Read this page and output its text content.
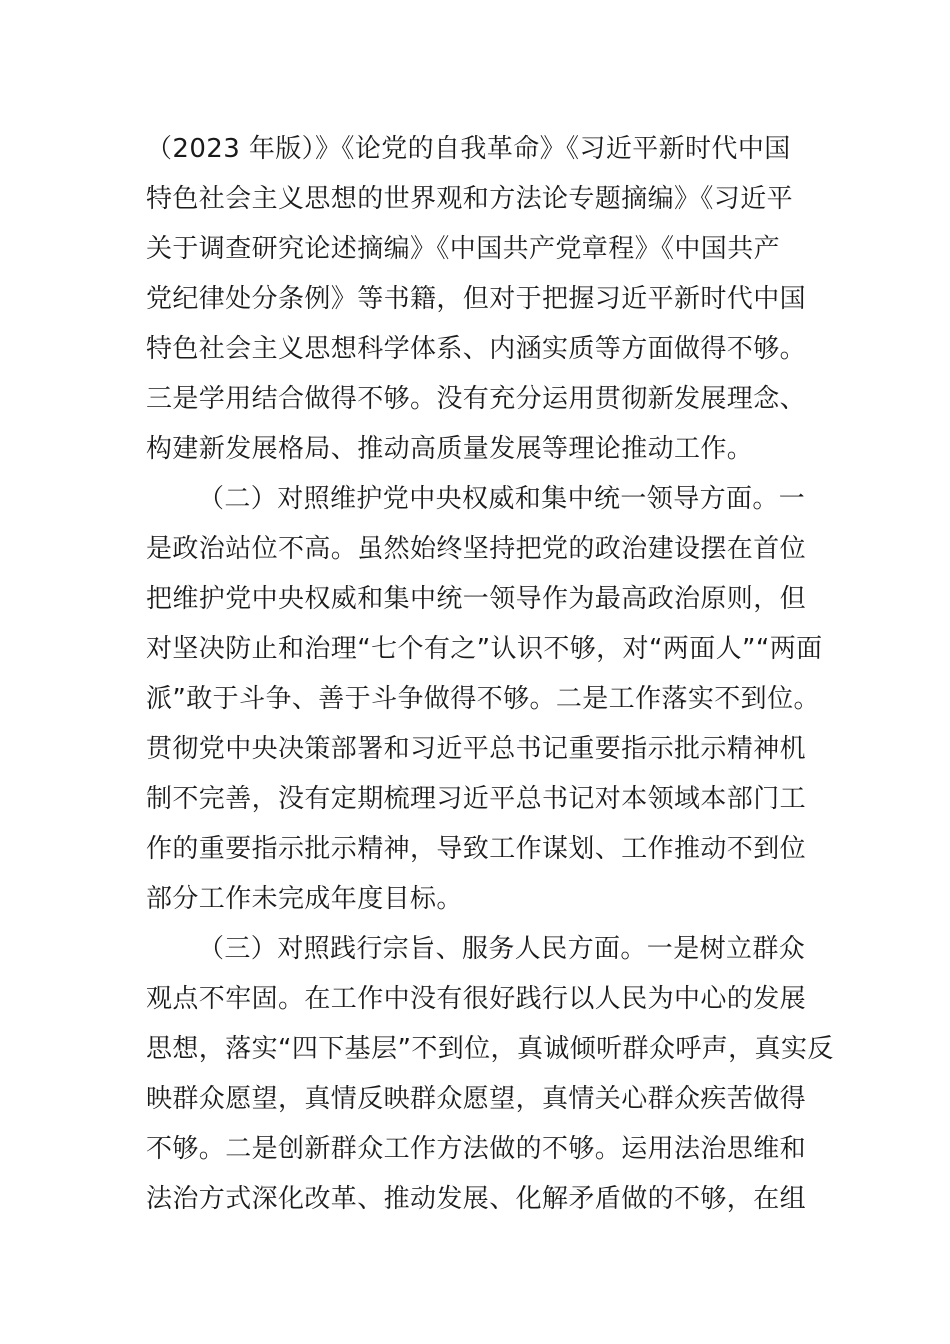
（2023 年版）》《论党的自我革命》《习近平新时代中国
特色社会主义思想的世界观和方法论专题摘编》《习近平
关于调查研究论述摘编》《中国共产党章程》《中国共产
党纪律处分条例》等书籍，但对于把握习近平新时代中国
特色社会主义思想科学体系、内涵实质等方面做得不够。
三是学用结合做得不够。没有充分运用贯彻新发展理念、
构建新发展格局、推动高质量发展等理论推动工作。
（二）对照维护党中央权威和集中统一领导方面。一
是政治站位不高。虽然始终坚持把党的政治建设摆在首位
把维护党中央权威和集中统一领导作为最高政治原则，但
对坚决防止和治理“七个有之”认识不够，对“两面人”“两面
派”敢于斗争、善于斗争做得不够。二是工作落实不到位。
贯彻党中央决策部署和习近平总书记重要指示批示精神机
制不完善，没有定期梳理习近平总书记对本领域本部门工
作的重要指示批示精神，导致工作谋划、工作推动不到位
部分工作未完成年度目标。
（三）对照践行宗旨、服务人民方面。一是树立群众
观点不牢固。在工作中没有很好践行以人民为中心的发展
思想，落实“四下基层”不到位，真诚倾听群众呼声，真实反
映群众愿望，真情反映群众愿望，真情关心群众疾苦做得
不够。二是创新群众工作方法做的不够。运用法治思维和
法治方式深化改革、推动发展、化解矛盾做的不够，在组
